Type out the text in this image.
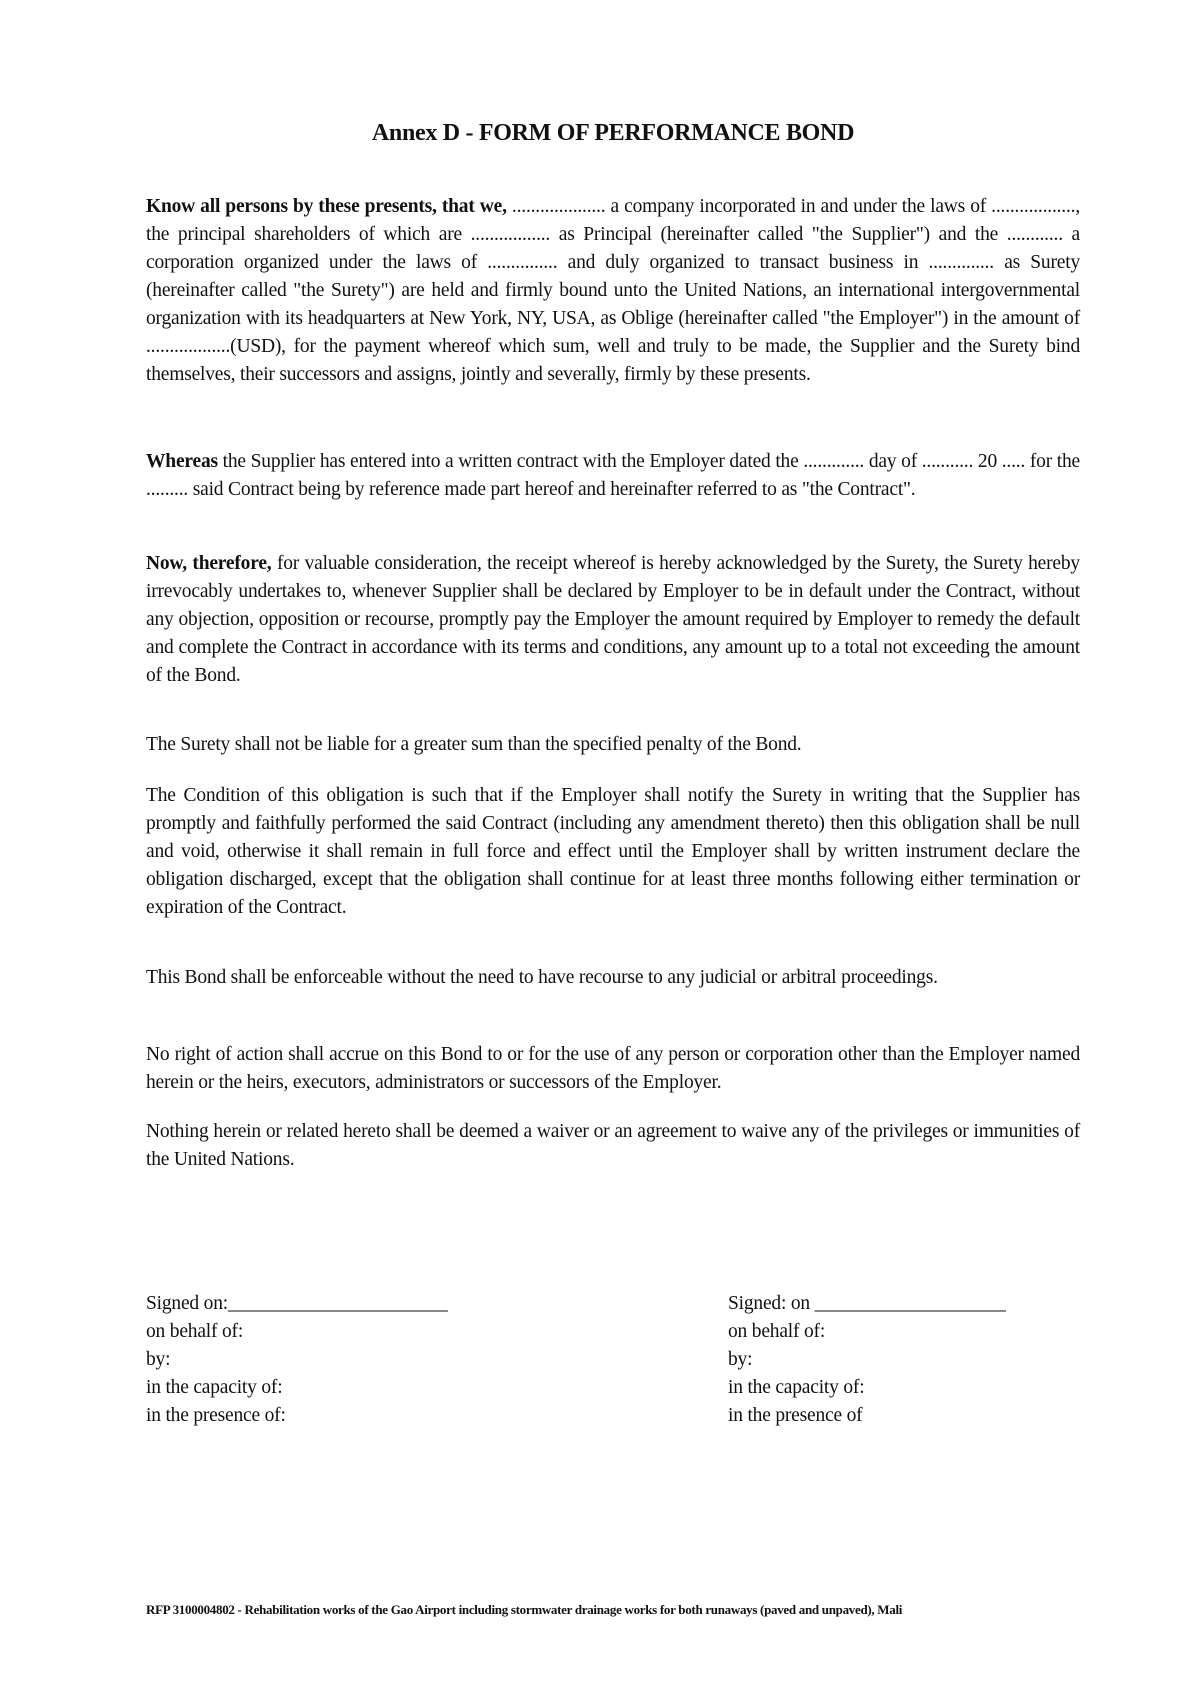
Annex D - FORM OF PERFORMANCE BOND
Know all persons by these presents, that we, .................... a company incorporated in and under the laws of .................., the principal shareholders of which are ................. as Principal (hereinafter called "the Supplier") and the ............ a corporation organized under the laws of ............... and duly organized to transact business in .............. as Surety (hereinafter called "the Surety") are held and firmly bound unto the United Nations, an international intergovernmental organization with its headquarters at New York, NY, USA, as Oblige (hereinafter called "the Employer") in the amount of ..................(USD), for the payment whereof which sum, well and truly to be made, the Supplier and the Surety bind themselves, their successors and assigns, jointly and severally, firmly by these presents.
Whereas the Supplier has entered into a written contract with the Employer dated the ............. day of ........... 20 ..... for the ......... said Contract being by reference made part hereof and hereinafter referred to as "the Contract".
Now, therefore, for valuable consideration, the receipt whereof is hereby acknowledged by the Surety, the Surety hereby irrevocably undertakes to, whenever Supplier shall be declared by Employer to be in default under the Contract, without any objection, opposition or recourse, promptly pay the Employer the amount required by Employer to remedy the default and complete the Contract in accordance with its terms and conditions, any amount up to a total not exceeding the amount of the Bond.
The Surety shall not be liable for a greater sum than the specified penalty of the Bond.
The Condition of this obligation is such that if the Employer shall notify the Surety in writing that the Supplier has promptly and faithfully performed the said Contract (including any amendment thereto) then this obligation shall be null and void, otherwise it shall remain in full force and effect until the Employer shall by written instrument declare the obligation discharged, except that the obligation shall continue for at least three months following either termination or expiration of the Contract.
This Bond shall be enforceable without the need to have recourse to any judicial or arbitral proceedings.
No right of action shall accrue on this Bond to or for the use of any person or corporation other than the Employer named herein or the heirs, executors, administrators or successors of the Employer.
Nothing herein or related hereto shall be deemed a waiver or an agreement to waive any of the privileges or immunities of the United Nations.
Signed on:_______________________
on behalf of:
by:
in the capacity of:
in the presence of:
Signed: on ____________________
on behalf of:
by:
in the capacity of:
in the presence of
RFP 3100004802 - Rehabilitation works of the Gao Airport including stormwater drainage works for both runaways (paved and unpaved), Mali
